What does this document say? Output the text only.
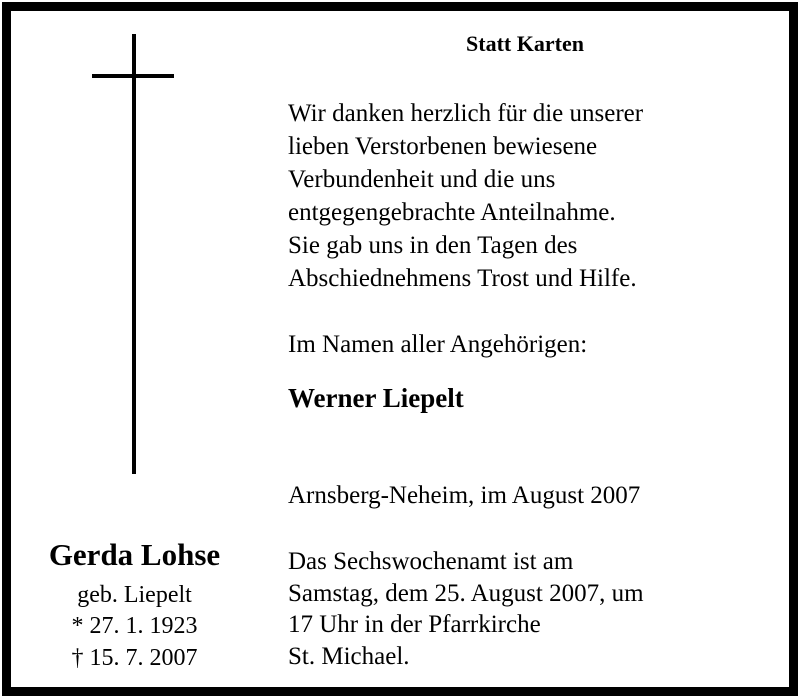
Statt Karten
Wir danken herzlich für die unserer
lieben Verstorbenen bewiesene
Verbundenheit und die uns
entgegengebrachte Anteilnahme.
Sie gab uns in den Tagen des
Abschiednehmens Trost und Hilfe.
Im Namen aller Angehörigen:
Werner Liepelt
Arnsberg-Neheim, im August 2007
Das Sechswochenamt ist am
Samstag, dem 25. August 2007, um
17 Uhr in der Pfarrkirche
St. Michael.
Gerda Lohse
geb. Liepelt
* 27. 1. 1923
† 15. 7. 2007
